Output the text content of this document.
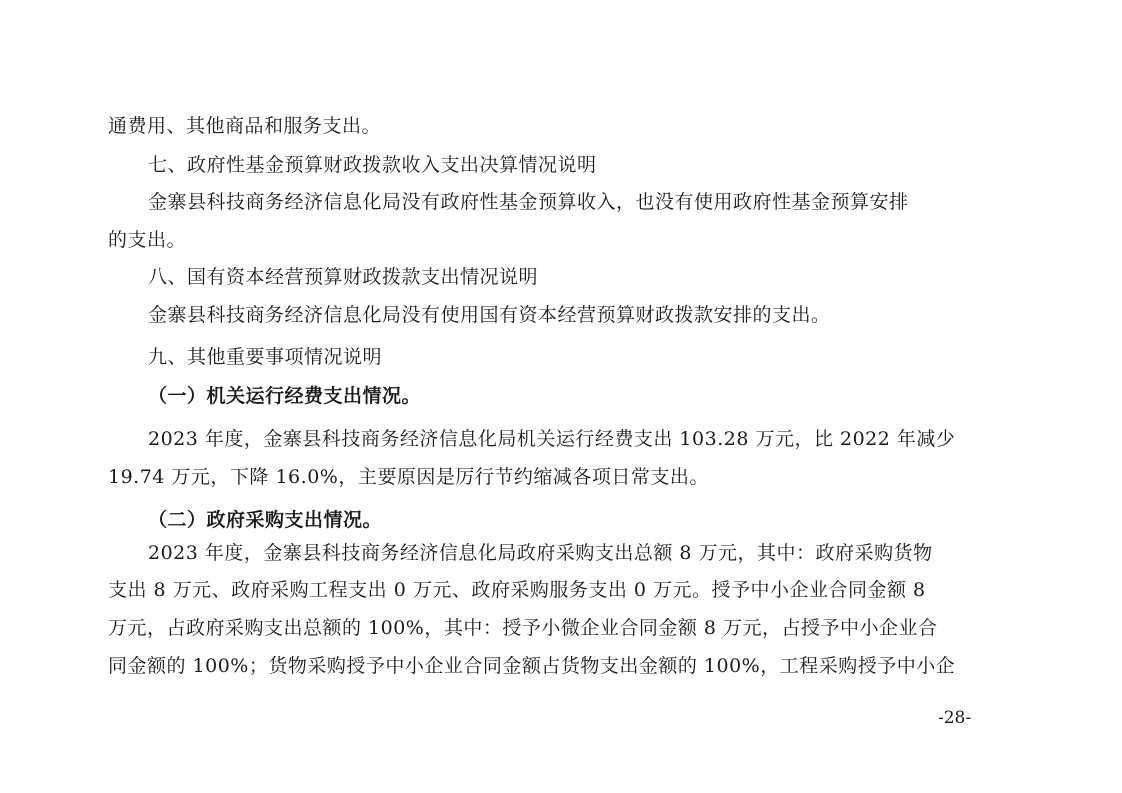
通费用、其他商品和服务支出。
七、政府性基金预算财政拨款收入支出决算情况说明
金寨县科技商务经济信息化局没有政府性基金预算收入，也没有使用政府性基金预算安排
的支出。
八、国有资本经营预算财政拨款支出情况说明
金寨县科技商务经济信息化局没有使用国有资本经营预算财政拨款安排的支出。
九、其他重要事项情况说明
（一）机关运行经费支出情况。
2023 年度，金寨县科技商务经济信息化局机关运行经费支出 103.28 万元，比 2022 年减少
19.74 万元，下降 16.0%，主要原因是厉行节约缩减各项日常支出。
（二）政府采购支出情况。
2023 年度，金寨县科技商务经济信息化局政府采购支出总额 8 万元，其中：政府采购货物
支出 8 万元、政府采购工程支出 0 万元、政府采购服务支出 0 万元。授予中小企业合同金额 8
万元，占政府采购支出总额的 100%，其中：授予小微企业合同金额 8 万元，占授予中小企业合
同金额的 100%；货物采购授予中小企业合同金额占货物支出金额的 100%，工程采购授予中小企
-28-
